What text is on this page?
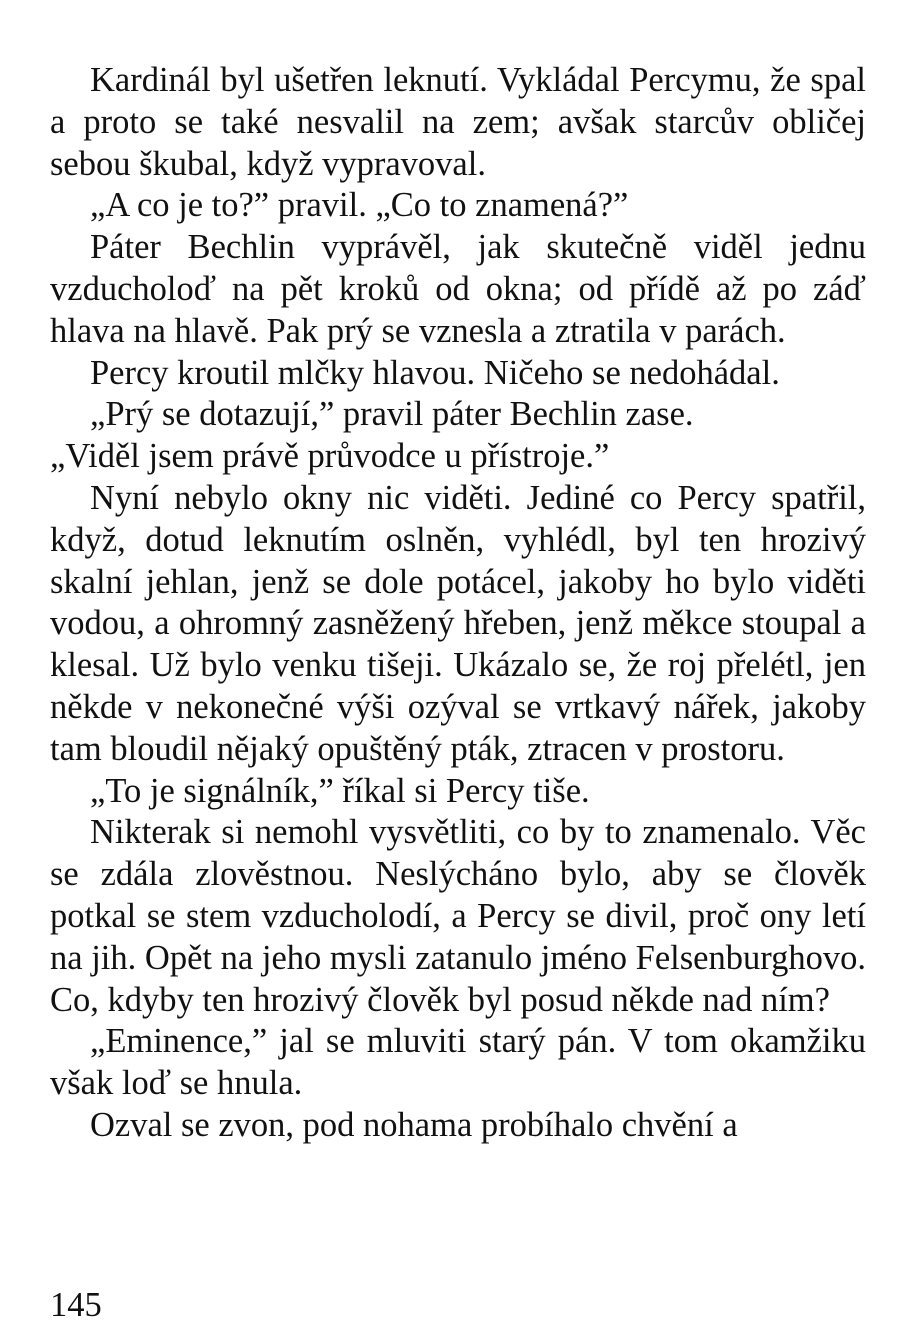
Kardinál byl ušetřen leknutí. Vykládal Percymu, že spal a proto se také nesvalil na zem; avšak starcův obličej sebou škubal, když vypravoval.

„A co je to?” pravil. „Co to znamená?”

Páter Bechlin vyprávěl, jak skutečně viděl jednu vzducholoď na pět kroků od okna; od přídě až po záď hlava na hlavě. Pak prý se vznesla a ztratila v parách.

Percy kroutil mlčky hlavou. Ničeho se nedohádal.

„Prý se dotazují,” pravil páter Bechlin zase.

„Viděl jsem právě průvodce u přístroje.”

Nyní nebylo okny nic viděti. Jediné co Percy spatřil, když, dotud leknutím oslněn, vyhlédl, byl ten hrozivý skalní jehlan, jenž se dole potácel, jakoby ho bylo viděti vodou, a ohromný zasněžený hřeben, jenž měkce stoupal a klesal. Už bylo venku tišeji. Ukázalo se, že roj přelétl, jen někde v nekonečné výši ozýval se vrtkavý nářek, jakoby tam bloudil nějaký opuštěný pták, ztracen v prostoru.

„To je signálník,” říkal si Percy tiše.

Nikterak si nemohl vysvětliti, co by to znamenalo. Věc se zdála zlověstnou. Neslýcháno bylo, aby se člověk potkal se stem vzducholodí, a Percy se divil, proč ony letí na jih. Opět na jeho mysli zatanulo jméno Felsenburghovo. Co, kdyby ten hrozivý člověk byl posud někde nad ním?

„Eminence,” jal se mluviti starý pán. V tom okamžiku však loď se hnula.

Ozval se zvon, pod nohama probíhalo chvění a

145
